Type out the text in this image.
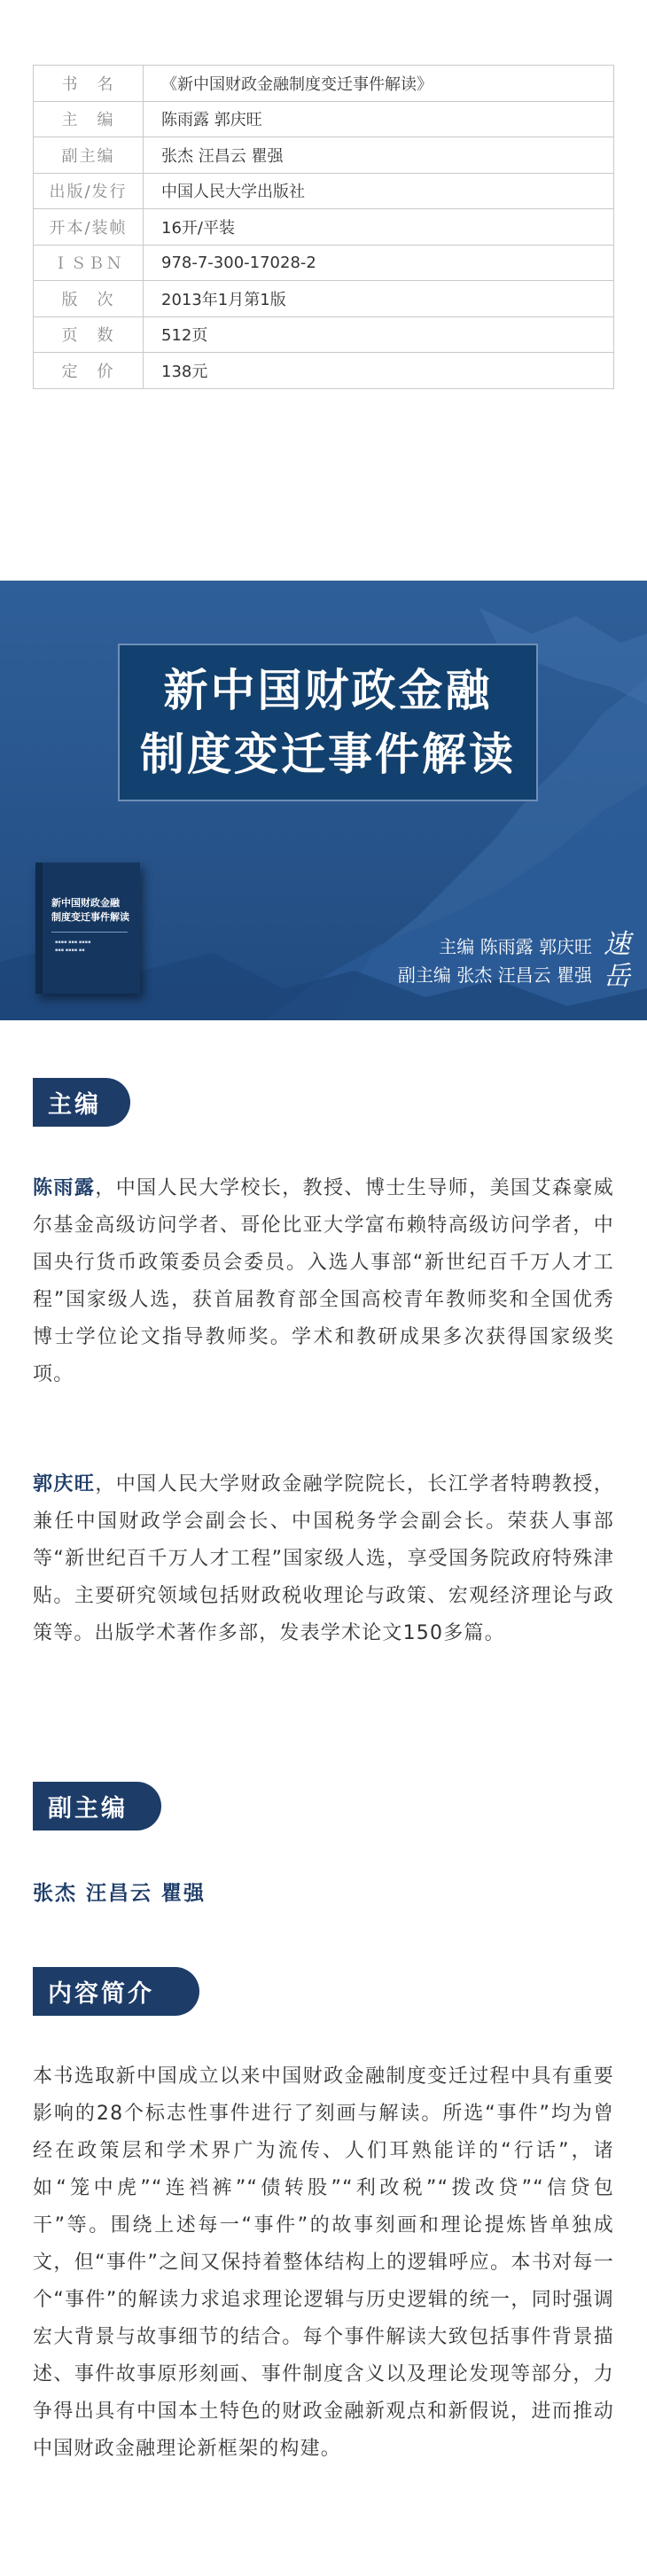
书　名	《新中国财政金融制度变迁事件解读》
主　编	陈雨露 郭庆旺
副主编	张杰 汪昌云 瞿强
出版/发行	中国人民大学出版社
开本/装帧	16开/平装
ＩＳＢＮ	978-7-300-17028-2
版　次	2013年1月第1版
页　数	512页
定　价	138元
新中国财政金融
制度变迁事件解读
新中国财政金融
制度变迁事件解读
▪▪▪▪ ▪▪▪ ▪▪▪▪
▪▪▪ ▪▪▪▪ ▪▪	主编 陈雨露 郭庆旺
副主编 张杰 汪昌云 瞿强
速
岳
主编
陈雨露，中国人民大学校长，教授、博士生导师，美国艾森豪威尔基金高级访问学者、哥伦比亚大学富布赖特高级访问学者，中国央行货币政策委员会委员。入选人事部“新世纪百千万人才工程”国家级人选，获首届教育部全国高校青年教师奖和全国优秀博士学位论文指导教师奖。学术和教研成果多次获得国家级奖项。
郭庆旺，中国人民大学财政金融学院院长，长江学者特聘教授，兼任中国财政学会副会长、中国税务学会副会长。荣获人事部等“新世纪百千万人才工程”国家级人选，享受国务院政府特殊津贴。主要研究领域包括财政税收理论与政策、宏观经济理论与政策等。出版学术著作多部，发表学术论文150多篇。
副主编
张杰 汪昌云 瞿强
内容简介
本书选取新中国成立以来中国财政金融制度变迁过程中具有重要影响的28个标志性事件进行了刻画与解读。所选“事件”均为曾经在政策层和学术界广为流传、人们耳熟能详的“行话”，诸如“笼中虎”“连裆裤”“债转股”“利改税”“拨改贷”“信贷包干”等。围绕上述每一“事件”的故事刻画和理论提炼皆单独成文，但“事件”之间又保持着整体结构上的逻辑呼应。本书对每一个“事件”的解读力求追求理论逻辑与历史逻辑的统一，同时强调宏大背景与故事细节的结合。每个事件解读大致包括事件背景描述、事件故事原形刻画、事件制度含义以及理论发现等部分，力争得出具有中国本土特色的财政金融新观点和新假说，进而推动中国财政金融理论新框架的构建。
